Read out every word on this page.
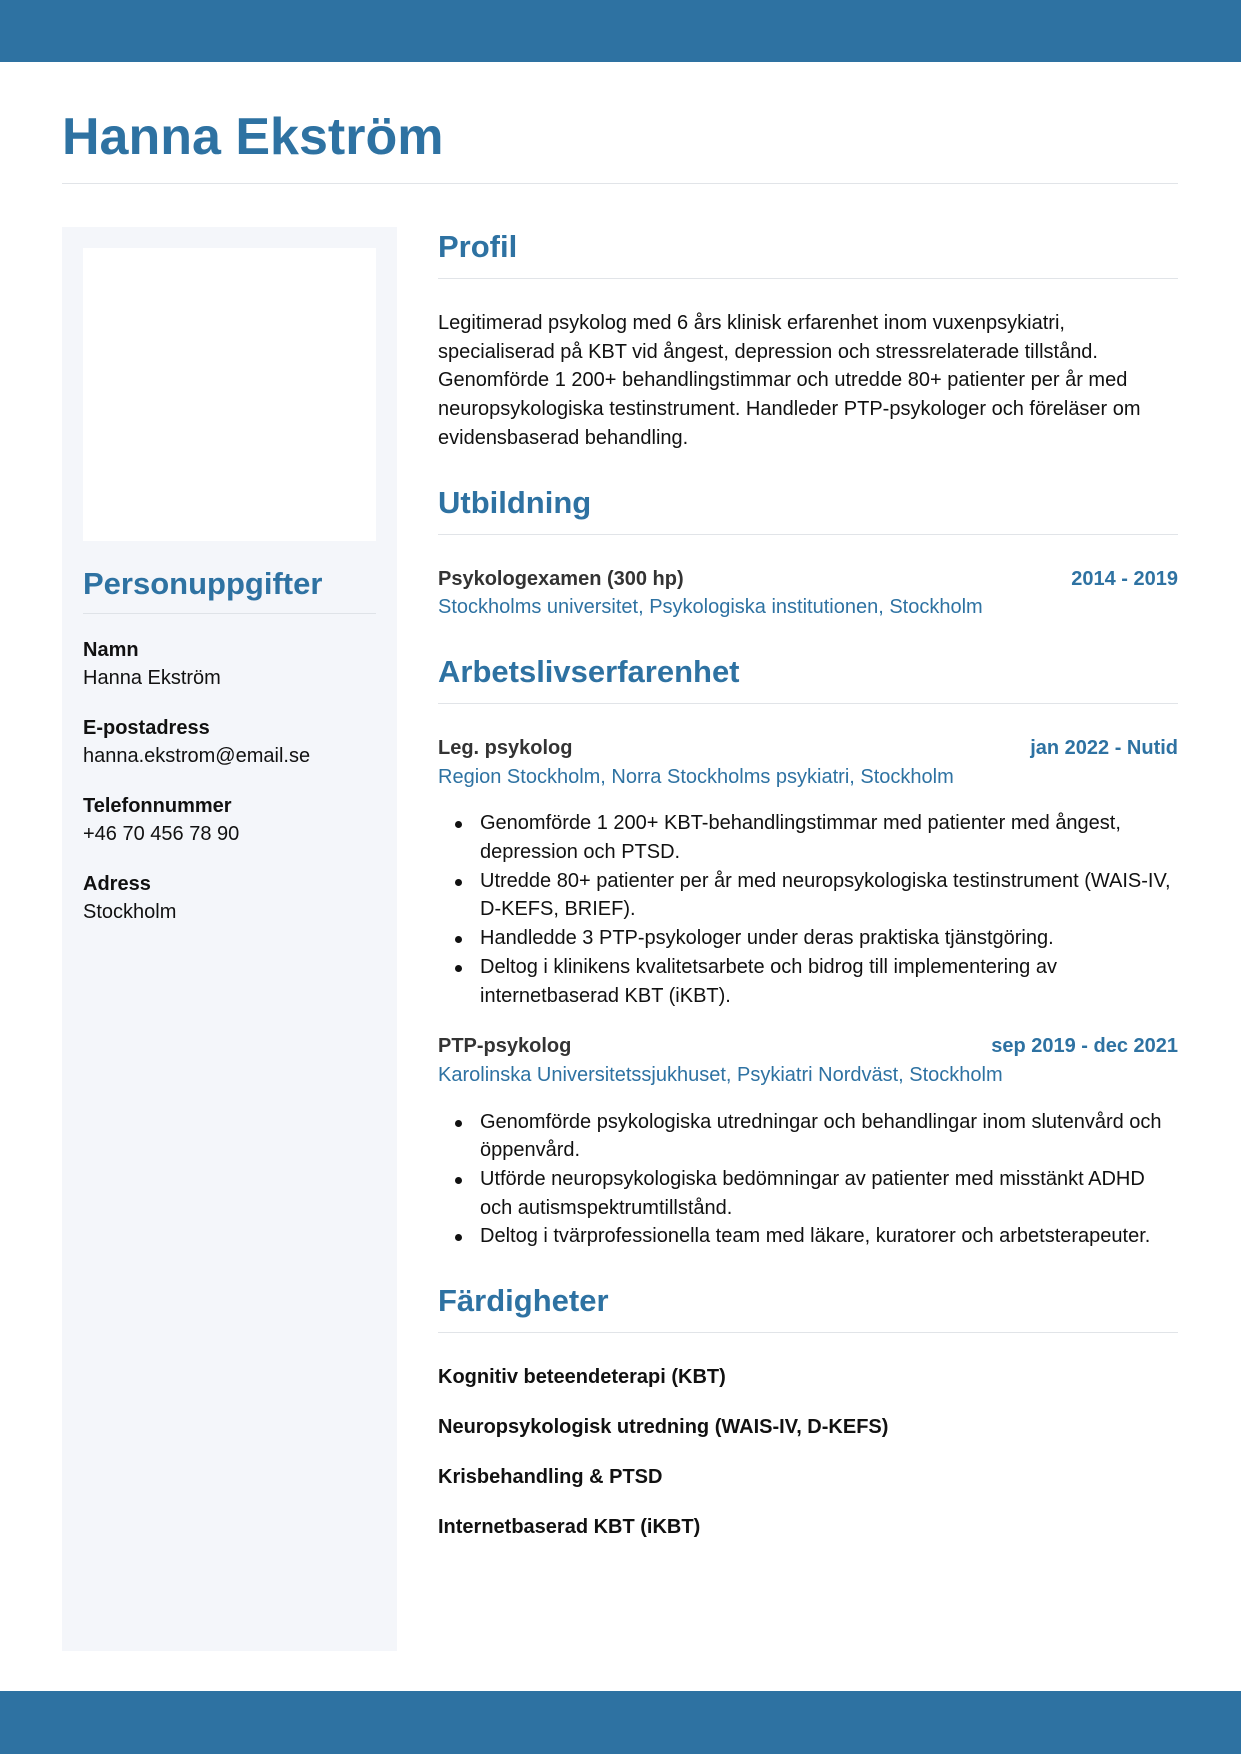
Hanna Ekström
Personuppgifter
Namn
Hanna Ekström
E-postadress
hanna.ekstrom@email.se
Telefonnummer
+46 70 456 78 90
Adress
Stockholm
Profil

Legitimerad psykolog med 6 års klinisk erfarenhet inom vuxenpsykiatri, specialiserad på KBT vid ångest, depression och stressrelaterade tillstånd. Genomförde 1 200+ behandlingstimmar och utredde 80+ patienter per år med neuropsykologiska testinstrument. Handleder PTP-psykologer och föreläser om evidensbaserad behandling.

Utbildning
Psykologexamen (300 hp)	2014 - 2019
Stockholms universitet, Psykologiska institutionen, Stockholm
Arbetslivserfarenhet
Leg. psykolog	jan 2022 - Nutid
Region Stockholm, Norra Stockholms psykiatri, Stockholm
Genomförde 1 200+ KBT-behandlingstimmar med patienter med ångest, depression och PTSD.
Utredde 80+ patienter per år med neuropsykologiska testinstrument (WAIS-IV, D-KEFS, BRIEF).
Handledde 3 PTP-psykologer under deras praktiska tjänstgöring.
Deltog i klinikens kvalitetsarbete och bidrog till implementering av internetbaserad KBT (iKBT).
PTP-psykolog	sep 2019 - dec 2021
Karolinska Universitetssjukhuset, Psykiatri Nordväst, Stockholm
Genomförde psykologiska utredningar och behandlingar inom slutenvård och öppenvård.
Utförde neuropsykologiska bedömningar av patienter med misstänkt ADHD och autismspektrumtillstånd.
Deltog i tvärprofessionella team med läkare, kuratorer och arbetsterapeuter.
Färdigheter
Kognitiv beteendeterapi (KBT)
Neuropsykologisk utredning (WAIS-IV, D-KEFS)
Krisbehandling & PTSD
Internetbaserad KBT (iKBT)
